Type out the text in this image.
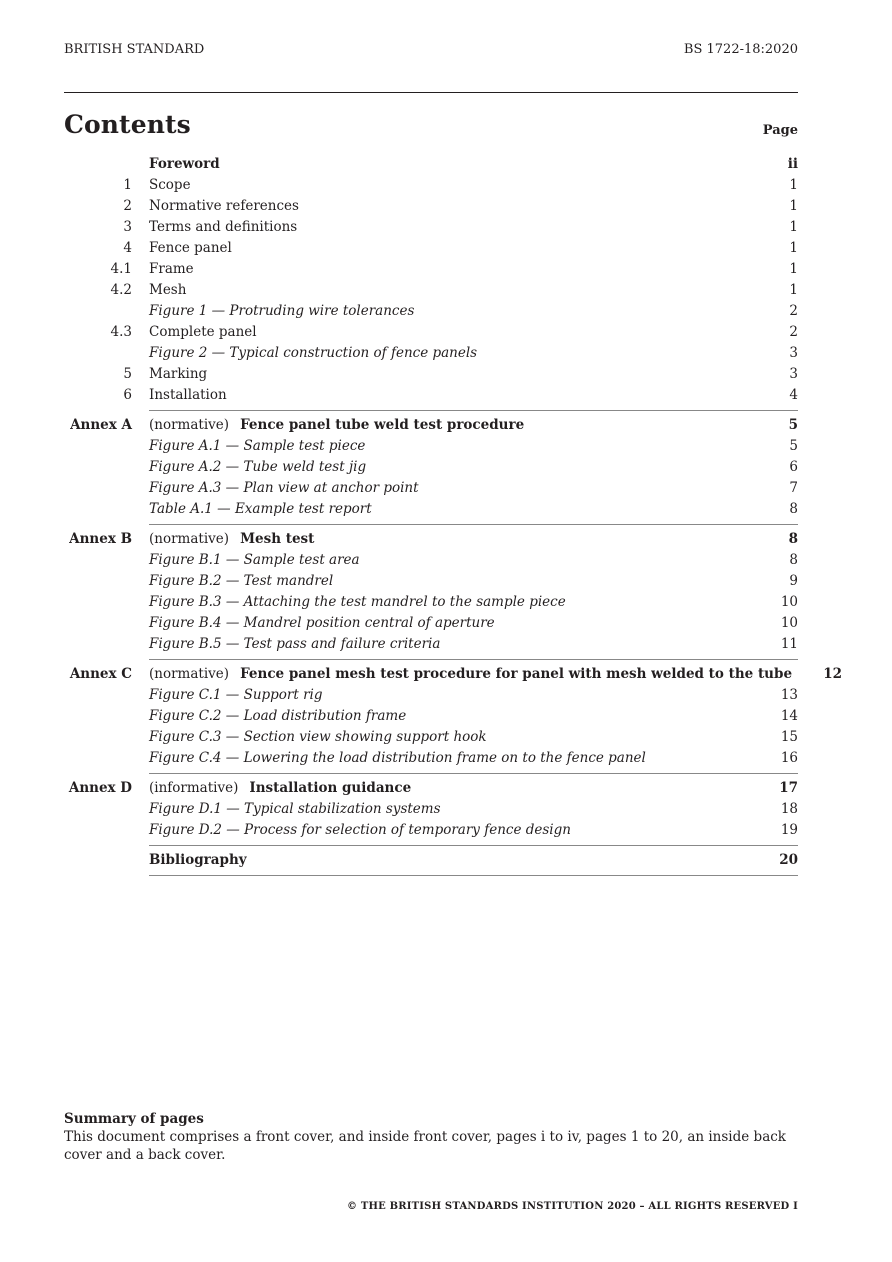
BRITISH STANDARD	BS 1722-18:2020
Contents	Page
Foreword	ii
1	Scope	1
2	Normative references	1
3	Terms and definitions	1
4	Fence panel	1
4.1	Frame	1
4.2	Mesh	1
Figure 1 — Protruding wire tolerances	2
4.3	Complete panel	2
Figure 2 — Typical construction of fence panels	3
5	Marking	3
6	Installation	4
Annex A	(normative)  Fence panel tube weld test procedure	5
Figure A.1 — Sample test piece	5
Figure A.2 — Tube weld test jig	6
Figure A.3 — Plan view at anchor point	7
Table A.1 — Example test report	8
Annex B	(normative)  Mesh test	8
Figure B.1 — Sample test area	8
Figure B.2 — Test mandrel	9
Figure B.3 — Attaching the test mandrel to the sample piece	10
Figure B.4 — Mandrel position central of aperture	10
Figure B.5 — Test pass and failure criteria	11
Annex C	(normative)  Fence panel mesh test procedure for panel with mesh welded to the tube	12
Figure C.1 — Support rig	13
Figure C.2 — Load distribution frame	14
Figure C.3 — Section view showing support hook	15
Figure C.4 — Lowering the load distribution frame on to the fence panel	16
Annex D	(informative)  Installation guidance	17
Figure D.1 — Typical stabilization systems	18
Figure D.2 — Process for selection of temporary fence design	19
Bibliography	20
Summary of pages

This document comprises a front cover, and inside front cover, pages i to iv, pages 1 to 20, an inside back cover and a back cover.

© THE BRITISH STANDARDS INSTITUTION 2020 – ALL RIGHTS RESERVED I
